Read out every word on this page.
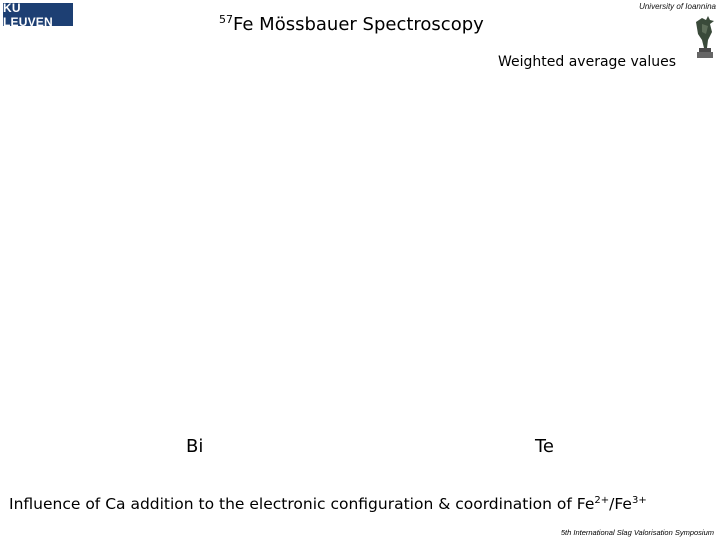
KU LEUVEN
University of Ioannina
$^{57}$Fe Mössbauer Spectroscopy
Weighted average values
Bi	Te
Influence of Ca addition to the electronic configuration & coordination of $Fe^{2+}/Fe^{3+}$
5th International Slag Valorisation Symposium
